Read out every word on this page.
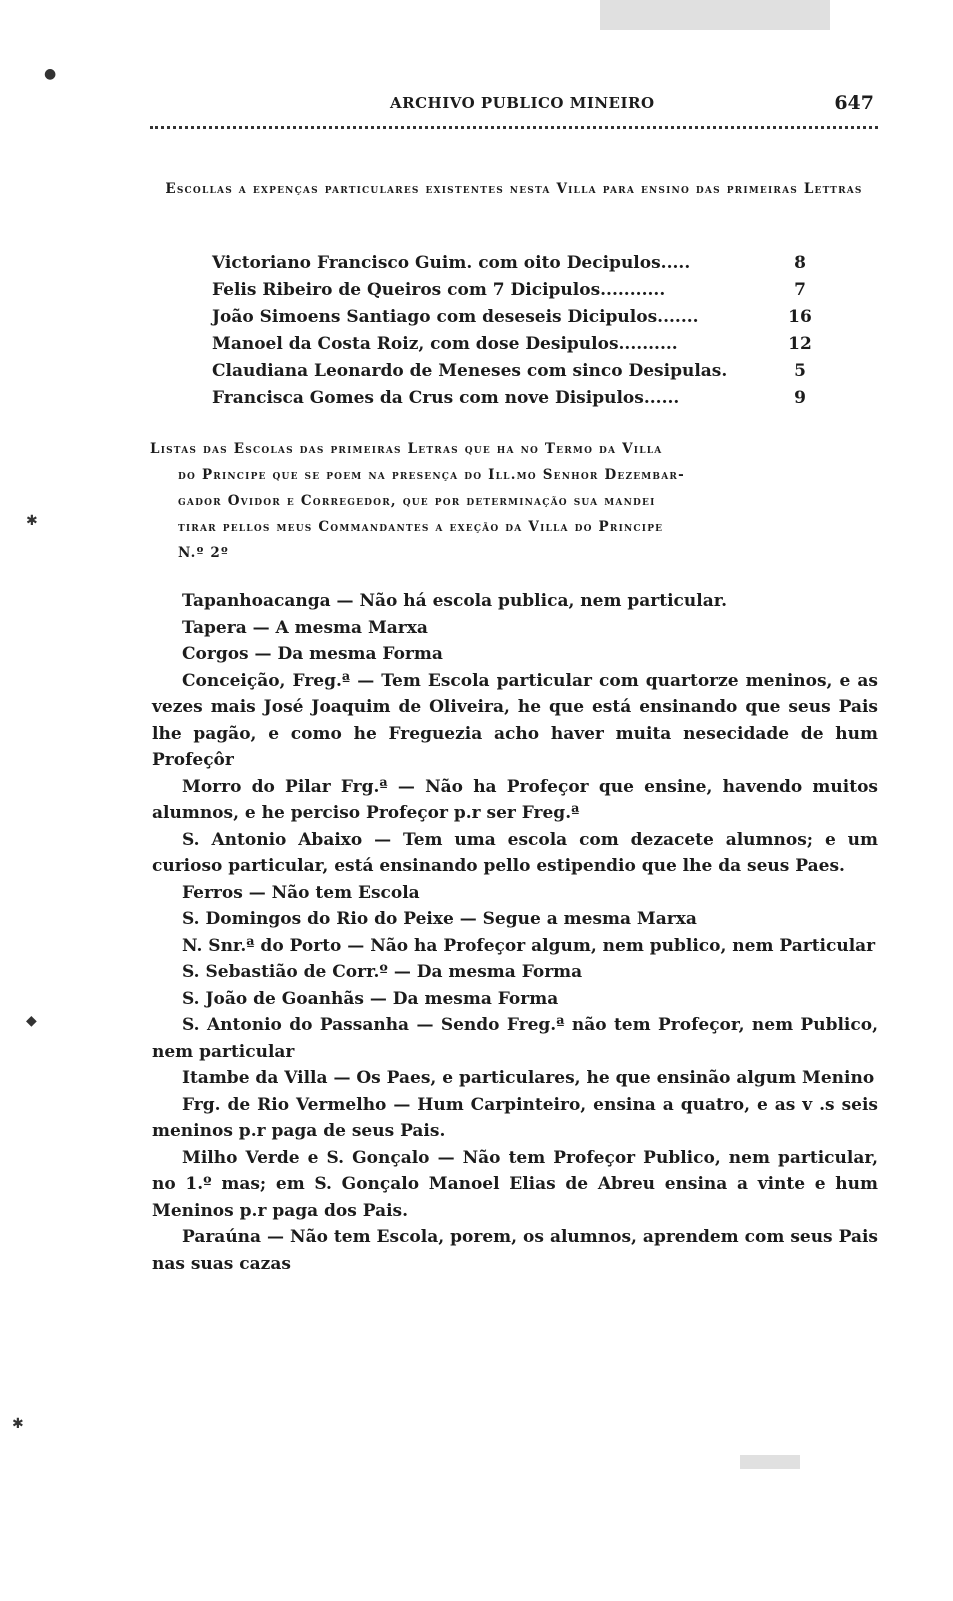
ARCHIVO PUBLICO MINEIRO	647
Escollas a expenças particulares existentes nesta Villa para ensino das primeiras Lettras
Victoriano Francisco Guim. com oito Decipulos.....	8
Felis Ribeiro de Queiros com 7 Dicipulos...........	7
João Simoens Santiago com deseseis Dicipulos.......	16
Manoel da Costa Roiz, com dose Desipulos..........	12
Claudiana Leonardo de Meneses com sinco Desipulas.	5
Francisca Gomes da Crus com nove Disipulos......	9
Listas das Escolas das primeiras Letras que ha no Termo da Villa
do Principe que se poem na presença do Ill.mo Senhor Dezembar-
gador Ovidor e Corregedor, que por determinação sua mandei
tirar pellos meus Commandantes a exeção da Villa do Principe
N.º 2º

Tapanhoacanga — Não há escola publica, nem particular.

Tapera — A mesma Marxa

Corgos — Da mesma Forma

Conceição, Freg.ª — Tem Escola particular com quartorze meninos, e as vezes mais José Joaquim de Oliveira, he que está ensinando que seus Pais lhe pagão, e como he Freguezia acho haver muita nesecidade de hum Profeçôr

Morro do Pilar Frg.ª — Não ha Profeçor que ensine, havendo muitos alumnos, e he perciso Profeçor p.r ser Freg.ª

S. Antonio Abaixo — Tem uma escola com dezacete alumnos; e um curioso particular, está ensinando pello estipendio que lhe da seus Paes.

Ferros — Não tem Escola

S. Domingos do Rio do Peixe — Segue a mesma Marxa

N. Snr.ª do Porto — Não ha Profeçor algum, nem publico, nem Particular

S. Sebastião de Corr.º — Da mesma Forma

S. João de Goanhãs — Da mesma Forma

S. Antonio do Passanha — Sendo Freg.ª não tem Profeçor, nem Publico, nem particular

Itambe da Villa — Os Paes, e particulares, he que ensinão algum Menino

Frg. de Rio Vermelho — Hum Carpinteiro, ensina a quatro, e as v .s seis meninos p.r paga de seus Pais.

Milho Verde e S. Gonçalo — Não tem Profeçor Publico, nem particular, no 1.º mas; em S. Gonçalo Manoel Elias de Abreu ensina a vinte e hum Meninos p.r paga dos Pais.

Paraúna — Não tem Escola, porem, os alumnos, aprendem com seus Pais nas suas cazas

●
✱
◆
✱
